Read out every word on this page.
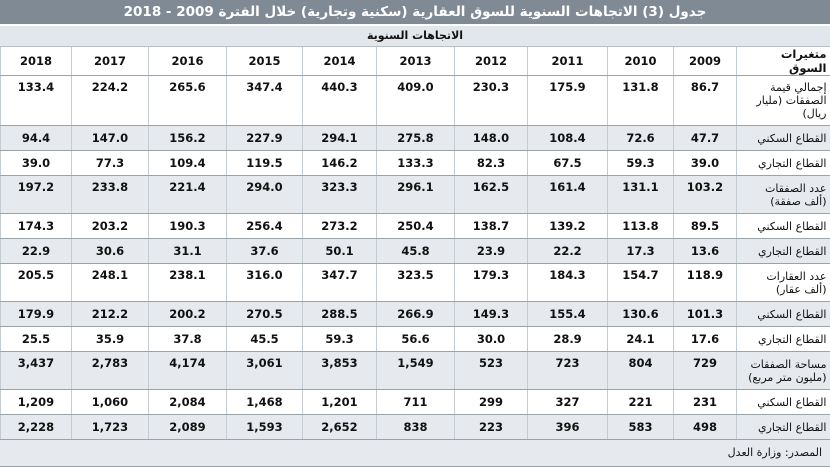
جدول (3) الاتجاهات السنوية للسوق العقارية (سكنية وتجارية) خلال الفترة 2009 - 2018
الاتجاهات السنوية
متغيرات السوق	2009	2010	2011	2012	2013	2014	2015	2016	2017	2018
إجمالي قيمة الصفقات (مليار ريال)	86.7	131.8	175.9	230.3	409.0	440.3	347.4	265.6	224.2	133.4
القطاع السكني	47.7	72.6	108.4	148.0	275.8	294.1	227.9	156.2	147.0	94.4
القطاع التجاري	39.0	59.3	67.5	82.3	133.3	146.2	119.5	109.4	77.3	39.0
عدد الصفقات (ألف صفقة)	103.2	131.1	161.4	162.5	296.1	323.3	294.0	221.4	233.8	197.2
القطاع السكني	89.5	113.8	139.2	138.7	250.4	273.2	256.4	190.3	203.2	174.3
القطاع التجاري	13.6	17.3	22.2	23.9	45.8	50.1	37.6	31.1	30.6	22.9
عدد العقارات (ألف عقار)	118.9	154.7	184.3	179.3	323.5	347.7	316.0	238.1	248.1	205.5
القطاع السكني	101.3	130.6	155.4	149.3	266.9	288.5	270.5	200.2	212.2	179.9
القطاع التجاري	17.6	24.1	28.9	30.0	56.6	59.3	45.5	37.8	35.9	25.5
مساحة الصفقات (مليون متر مربع)	729	804	723	523	1,549	3,853	3,061	4,174	2,783	3,437
القطاع السكني	231	221	327	299	711	1,201	1,468	2,084	1,060	1,209
القطاع التجاري	498	583	396	223	838	2,652	1,593	2,089	1,723	2,228
المصدر: وزارة العدل
